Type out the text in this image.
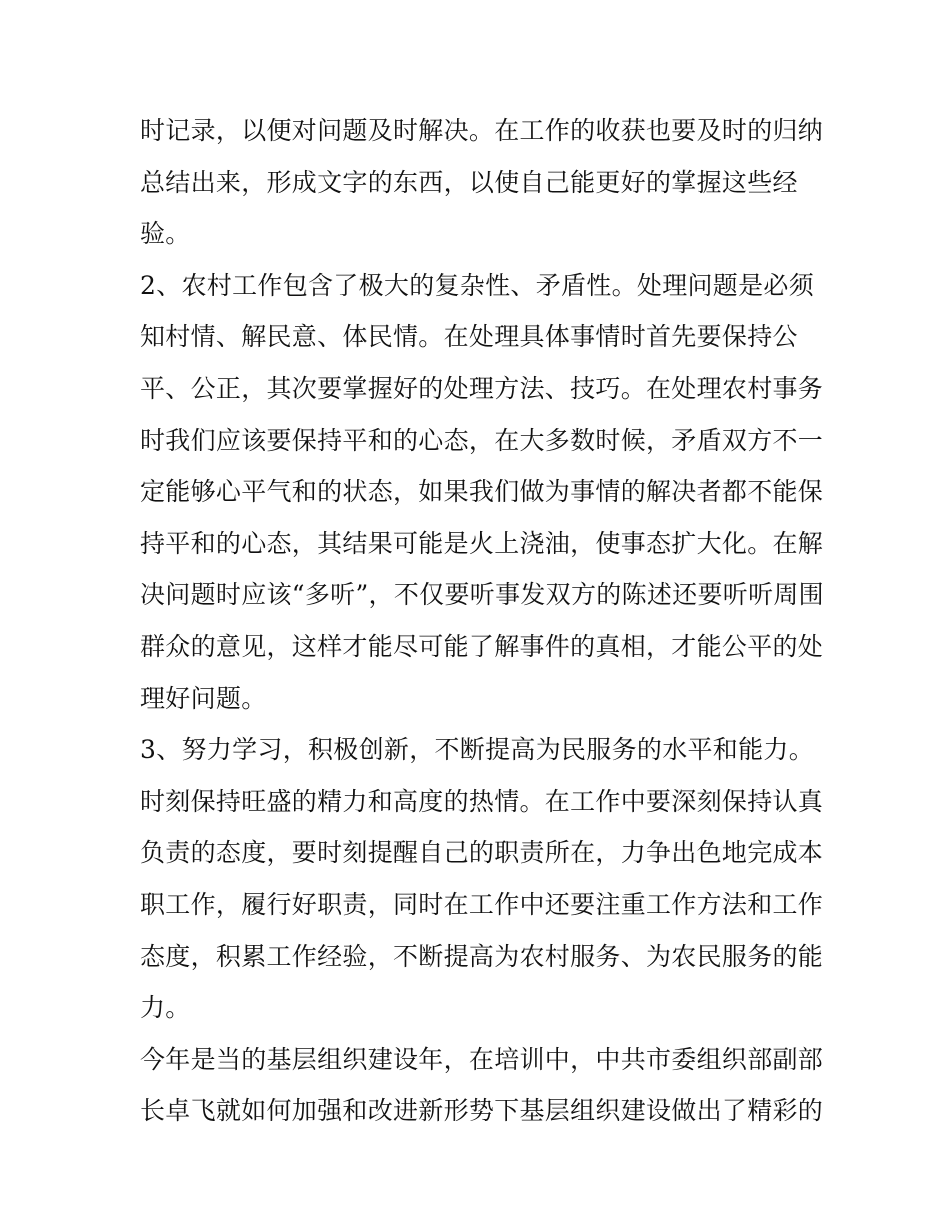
时记录，以便对问题及时解决。在工作的收获也要及时的归纳
总结出来，形成文字的东西，以使自己能更好的掌握这些经
验。
2、农村工作包含了极大的复杂性、矛盾性。处理问题是必须
知村情、解民意、体民情。在处理具体事情时首先要保持公
平、公正，其次要掌握好的处理方法、技巧。在处理农村事务
时我们应该要保持平和的心态，在大多数时候，矛盾双方不一
定能够心平气和的状态，如果我们做为事情的解决者都不能保
持平和的心态，其结果可能是火上浇油，使事态扩大化。在解
决问题时应该“多听”，不仅要听事发双方的陈述还要听听周围
群众的意见，这样才能尽可能了解事件的真相，才能公平的处
理好问题。
3、努力学习，积极创新，不断提高为民服务的水平和能力。
时刻保持旺盛的精力和高度的热情。在工作中要深刻保持认真
负责的态度，要时刻提醒自己的职责所在，力争出色地完成本
职工作，履行好职责，同时在工作中还要注重工作方法和工作
态度，积累工作经验，不断提高为农村服务、为农民服务的能
力。
今年是当的基层组织建设年，在培训中，中共市委组织部副部
长卓飞就如何加强和改进新形势下基层组织建设做出了精彩的
